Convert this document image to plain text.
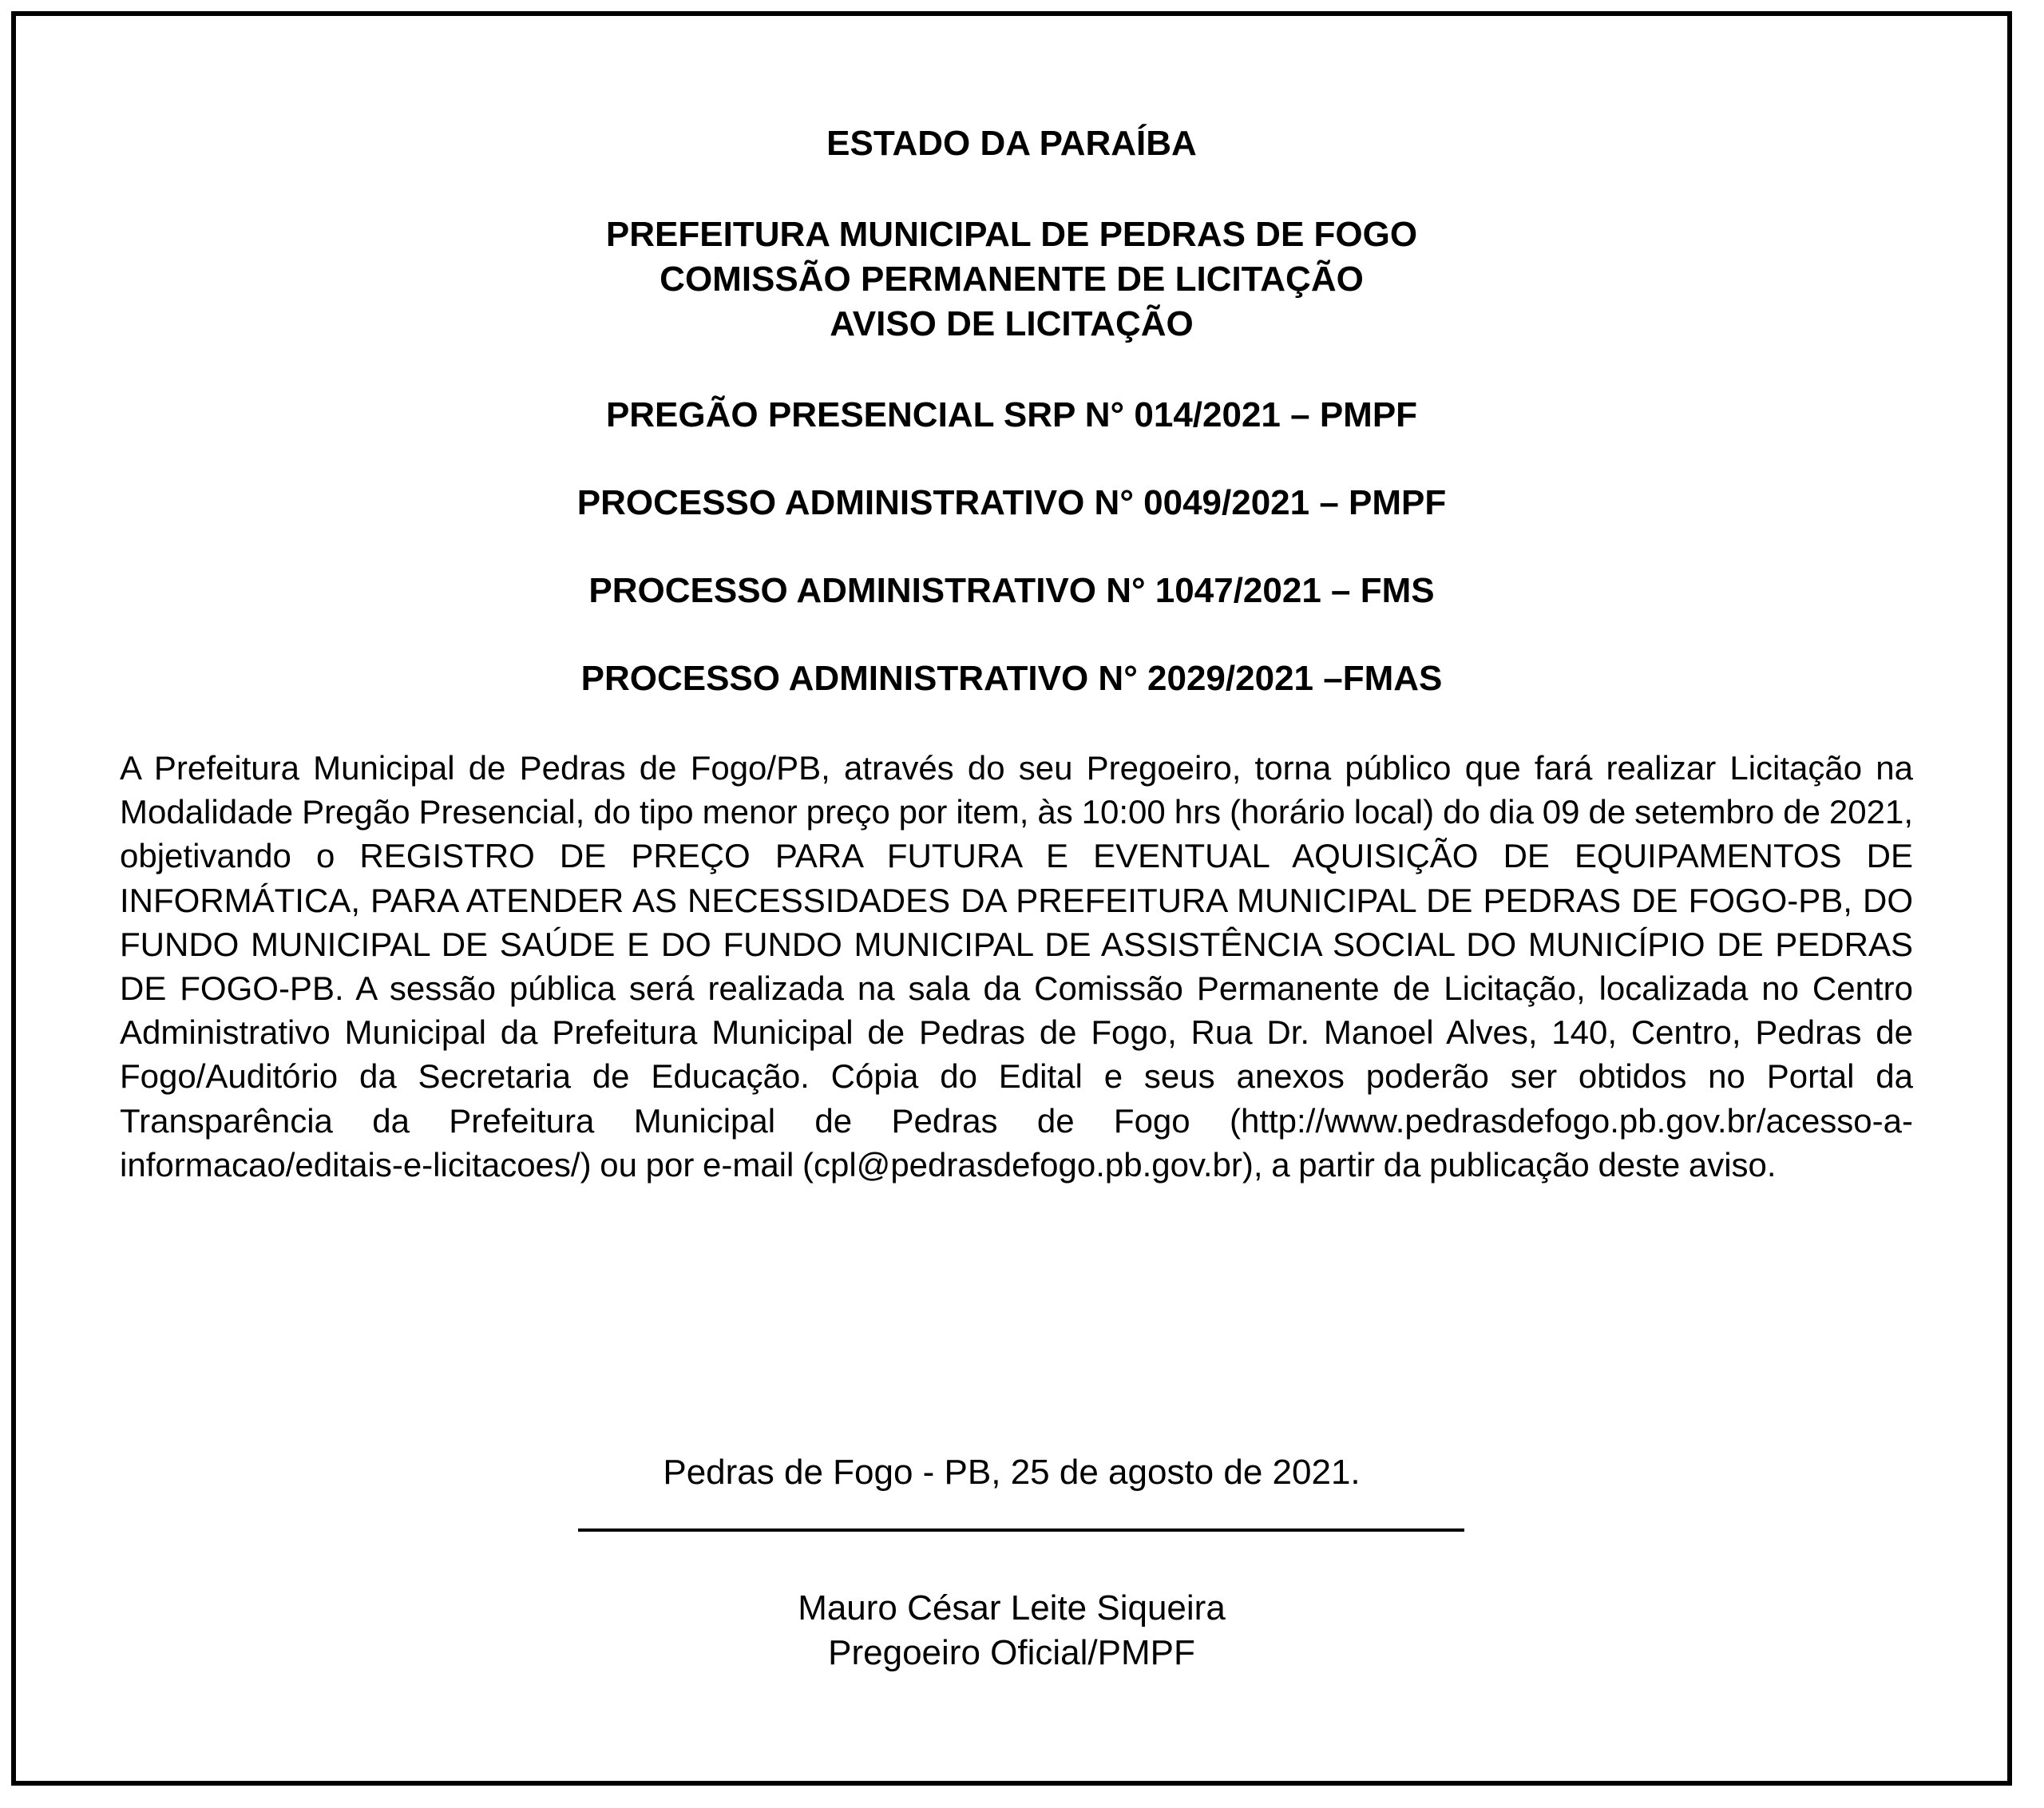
ESTADO DA PARAÍBA
PREFEITURA MUNICIPAL DE PEDRAS DE FOGO
COMISSÃO PERMANENTE DE LICITAÇÃO
AVISO DE LICITAÇÃO
PREGÃO PRESENCIAL SRP N° 014/2021 – PMPF
PROCESSO ADMINISTRATIVO N° 0049/2021 – PMPF
PROCESSO ADMINISTRATIVO N° 1047/2021 – FMS
PROCESSO ADMINISTRATIVO N° 2029/2021 –FMAS
A Prefeitura Municipal de Pedras de Fogo/PB, através do seu Pregoeiro, torna público que fará realizar Licitação na Modalidade Pregão Presencial, do tipo menor preço por item, às 10:00 hrs (horário local) do dia 09 de setembro de 2021, objetivando o REGISTRO DE PREÇO PARA FUTURA E EVENTUAL AQUISIÇÃO DE EQUIPAMENTOS DE INFORMÁTICA, PARA ATENDER AS NECESSIDADES DA PREFEITURA MUNICIPAL DE PEDRAS DE FOGO-PB, DO FUNDO MUNICIPAL DE SAÚDE E DO FUNDO MUNICIPAL DE ASSISTÊNCIA SOCIAL DO MUNICÍPIO DE PEDRAS DE FOGO-PB. A sessão pública será realizada na sala da Comissão Permanente de Licitação, localizada no Centro Administrativo Municipal da Prefeitura Municipal de Pedras de Fogo, Rua Dr. Manoel Alves, 140, Centro, Pedras de Fogo/Auditório da Secretaria de Educação. Cópia do Edital e seus anexos poderão ser obtidos no Portal da Transparência da Prefeitura Municipal de Pedras de Fogo (http://www.pedrasdefogo.pb.gov.br/acesso-a- informacao/editais-e-licitacoes/) ou por e-mail (cpl@pedrasdefogo.pb.gov.br), a partir da publicação deste aviso.
Pedras de Fogo - PB, 25 de agosto de 2021.
Mauro César Leite Siqueira
Pregoeiro Oficial/PMPF
